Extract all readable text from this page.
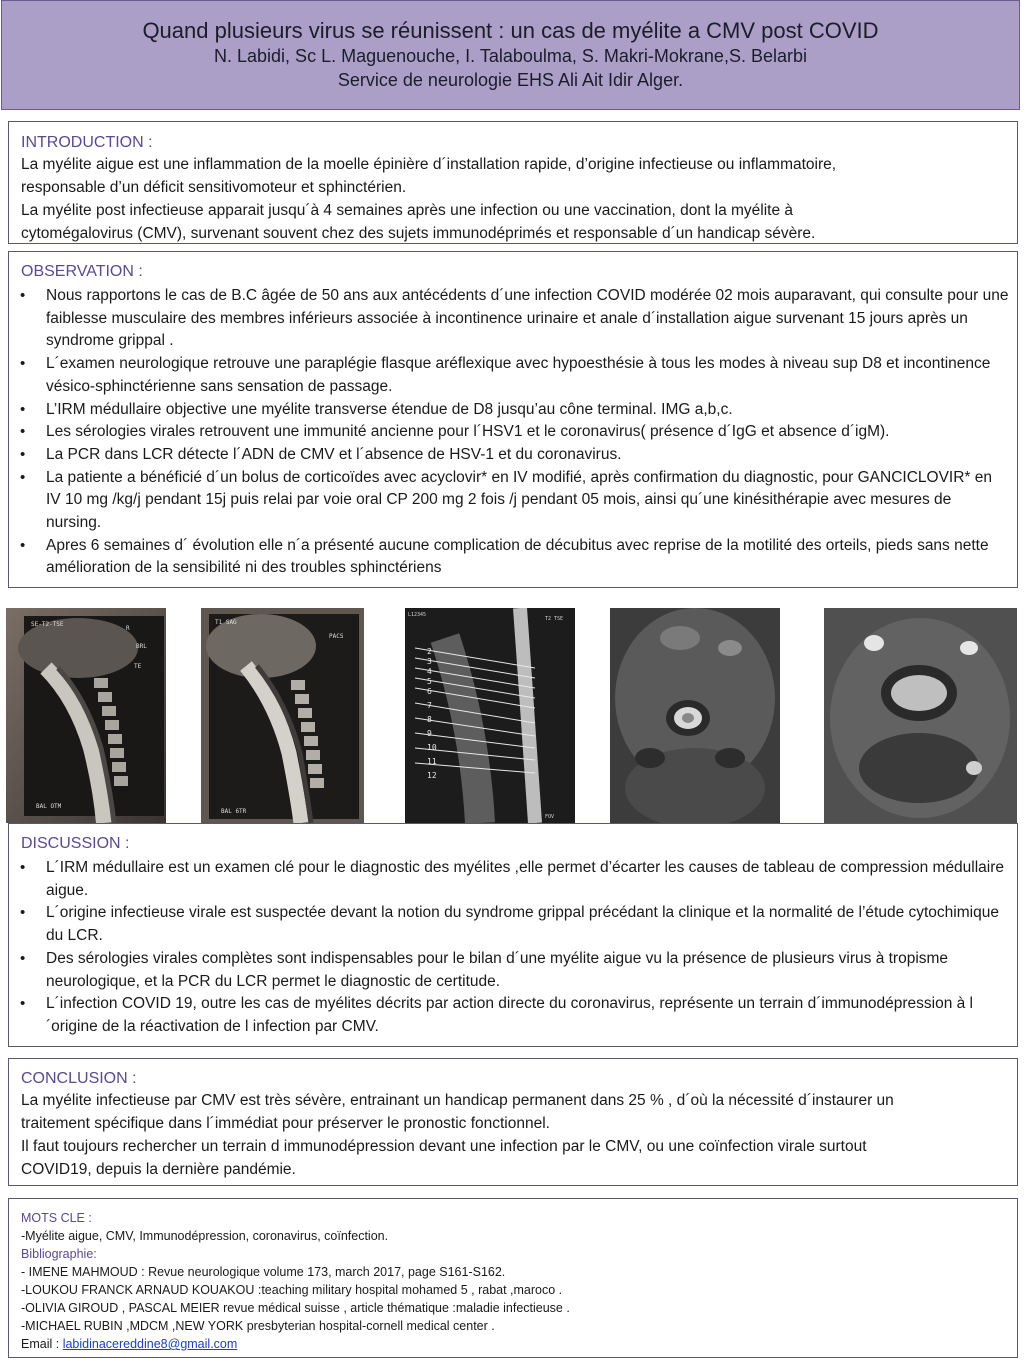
Quand plusieurs virus se réunissent : un cas de myélite a CMV post COVID
N. Labidi, Sc L. Maguenouche, I. Talaboulma, S. Makri-Mokrane,S. Belarbi
Service de neurologie EHS Ali Ait Idir Alger.
INTRODUCTION :
La myélite aigue est une inflammation de la moelle épinière d´installation rapide, d’origine infectieuse ou inflammatoire,
responsable d’un déficit sensitivomoteur et sphinctérien.
La myélite post infectieuse apparait jusqu´à 4 semaines après une infection ou une vaccination, dont la myélite à
cytomégalovirus (CMV), survenant souvent chez des sujets immunodéprimés et responsable d´un handicap sévère.
OBSERVATION :
• Nous rapportons le cas de B.C âgée de 50 ans aux antécédents d´une infection COVID modérée 02 mois auparavant, qui consulte pour une faiblesse musculaire des membres inférieurs associée à incontinence urinaire et anale d´installation aigue survenant 15 jours après un syndrome grippal .
• L´examen neurologique retrouve une paraplégie flasque aréflexique avec hypoesthésie à tous les modes à niveau sup D8 et incontinence vésico-sphinctérienne sans sensation de passage.
• L’IRM médullaire objective une myélite transverse étendue de D8 jusqu’au cône terminal. IMG a,b,c.
• Les sérologies virales retrouvent une immunité ancienne pour l´HSV1 et le coronavirus( présence d´IgG et absence d´igM).
• La PCR dans LCR détecte l´ADN de CMV et l´absence de HSV-1 et du coronavirus.
• La patiente a bénéficié d´un bolus de corticoïdes avec acyclovir* en IV modifié, après confirmation du diagnostic, pour GANCICLOVIR* en IV 10 mg /kg/j pendant 15j puis relai par voie oral CP 200 mg 2 fois /j pendant 05 mois, ainsi qu´une kinésithérapie avec mesures de nursing.
• Apres 6 semaines d´ évolution elle n´a présenté aucune complication de décubitus avec reprise de la motilité des orteils, pieds sans nette amélioration de la sensibilité ni des troubles sphinctériens
SE-T2-TSE
R
BRL
TE
BAL OTM
T1 SAG
PACS
BAL 6TR
2
3
4
5
6
7
8
9
10
11
12
L12345
T2 TSE
FOV
DISCUSSION :
• L´IRM médullaire est un examen clé pour le diagnostic des myélites ,elle permet d’écarter les causes de tableau de compression médullaire aigue.
• L´origine infectieuse virale est suspectée devant la notion du syndrome grippal précédant la clinique et la normalité de l’étude cytochimique du LCR.
• Des sérologies virales complètes sont indispensables pour le bilan d´une myélite aigue vu la présence de plusieurs virus à tropisme neurologique, et la PCR du LCR permet le diagnostic de certitude.
• L´infection COVID 19, outre les cas de myélites décrits par action directe du coronavirus, représente un terrain d´immunodépression à l´origine de la réactivation de l infection par CMV.
CONCLUSION :
La myélite infectieuse par CMV est très sévère, entrainant un handicap permanent dans 25 % , d´où la nécessité d´instaurer un
traitement spécifique dans l´immédiat pour préserver le pronostic fonctionnel.
Il faut toujours rechercher un terrain d immunodépression devant une infection par le CMV, ou une coïnfection virale surtout
COVID19, depuis la dernière pandémie.
MOTS CLE :
-Myélite aigue, CMV, Immunodépression, coronavirus, coïnfection.
Bibliographie:
- IMENE MAHMOUD : Revue neurologique volume 173, march 2017, page S161-S162.
-LOUKOU FRANCK ARNAUD KOUAKOU :teaching military hospital mohamed 5 , rabat ,maroco .
-OLIVIA GIROUD , PASCAL MEIER revue médical suisse , article thématique :maladie infectieuse .
-MICHAEL RUBIN ,MDCM ,NEW YORK presbyterian hospital-cornell medical center .
Email : labidinacereddine8@gmail.com
